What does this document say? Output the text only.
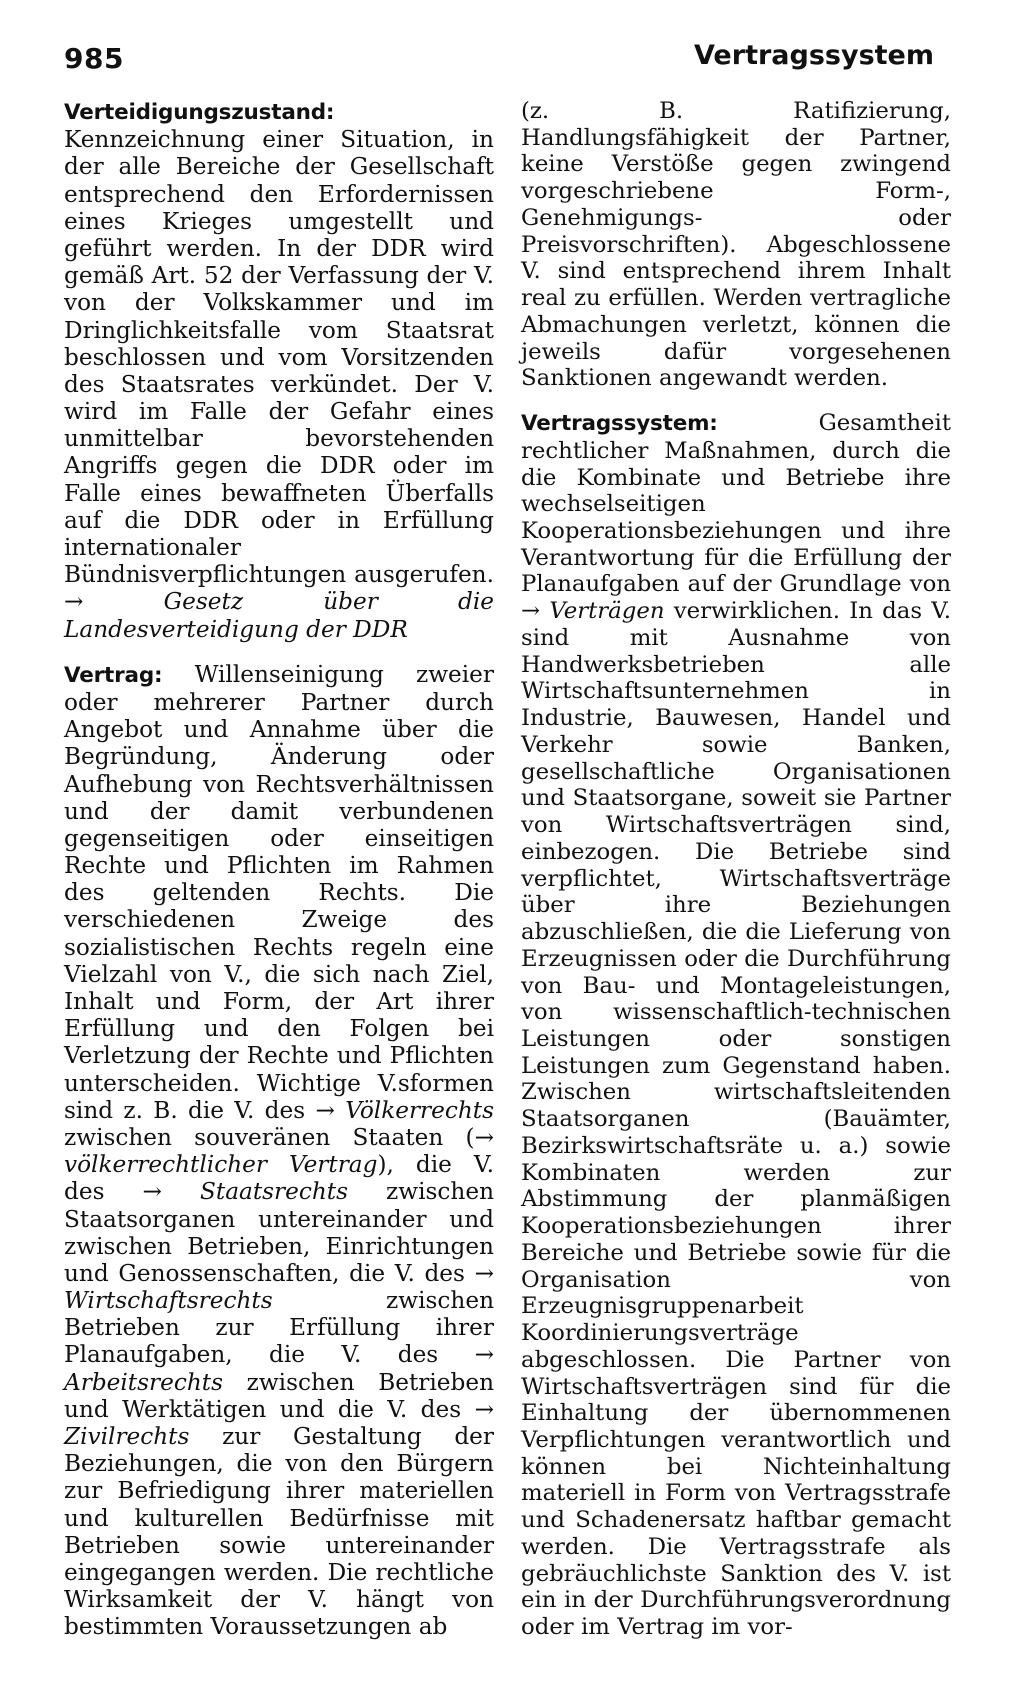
985	Vertragssystem

Verteidigungszustand: Kennzeichnung einer Situation, in der alle Bereiche der Gesellschaft entsprechend den Erfordernissen eines Krieges umgestellt und geführt werden. In der DDR wird gemäß Art. 52 der Verfassung der V. von der Volkskammer und im Dringlichkeitsfalle vom Staatsrat beschlossen und vom Vorsitzenden des Staatsrates verkündet. Der V. wird im Falle der Gefahr eines unmittelbar bevorstehenden Angriffs gegen die DDR oder im Falle eines bewaffneten Überfalls auf die DDR oder in Erfüllung internationaler Bündnisverpflichtungen ausgerufen. → Gesetz über die Landesverteidigung der DDR

Vertrag: Willenseinigung zweier oder mehrerer Partner durch Angebot und Annahme über die Begründung, Änderung oder Aufhebung von Rechtsverhältnissen und der damit verbundenen gegenseitigen oder einseitigen Rechte und Pflichten im Rahmen des geltenden Rechts. Die verschiedenen Zweige des sozialistischen Rechts regeln eine Vielzahl von V., die sich nach Ziel, Inhalt und Form, der Art ihrer Erfüllung und den Folgen bei Verletzung der Rechte und Pflichten unterscheiden. Wichtige V.sformen sind z. B. die V. des → Völkerrechts zwischen souveränen Staaten (→ völkerrechtlicher Vertrag), die V. des → Staatsrechts zwischen Staatsorganen untereinander und zwischen Betrieben, Einrichtungen und Genossenschaften, die V. des → Wirtschaftsrechts zwischen Betrieben zur Erfüllung ihrer Planaufgaben, die V. des → Arbeitsrechts zwischen Betrieben und Werktätigen und die V. des → Zivilrechts zur Gestaltung der Beziehungen, die von den Bürgern zur Befriedigung ihrer materiellen und kulturellen Bedürfnisse mit Betrieben sowie untereinander eingegangen werden. Die rechtliche Wirksamkeit der V. hängt von bestimmten Voraussetzungen ab

(z. B. Ratifizierung, Handlungsfähigkeit der Partner, keine Verstöße gegen zwingend vorgeschriebene Form-, Genehmigungs- oder Preisvorschriften). Abgeschlossene V. sind entsprechend ihrem Inhalt real zu erfüllen. Werden vertragliche Abmachungen verletzt, können die jeweils dafür vorgesehenen Sanktionen angewandt werden.

Vertragssystem: Gesamtheit rechtlicher Maßnahmen, durch die die Kombinate und Betriebe ihre wechselseitigen Kooperationsbeziehungen und ihre Verantwortung für die Erfüllung der Planaufgaben auf der Grundlage von → Verträgen verwirklichen. In das V. sind mit Ausnahme von Handwerksbetrieben alle Wirtschaftsunternehmen in Industrie, Bauwesen, Handel und Verkehr sowie Banken, gesellschaftliche Organisationen und Staatsorgane, soweit sie Partner von Wirtschaftsverträgen sind, einbezogen. Die Betriebe sind verpflichtet, Wirtschaftsverträge über ihre Beziehungen abzuschließen, die die Lieferung von Erzeugnissen oder die Durchführung von Bau- und Montageleistungen, von wissenschaftlich-technischen Leistungen oder sonstigen Leistungen zum Gegenstand haben. Zwischen wirtschaftsleitenden Staatsorganen (Bauämter, Bezirkswirtschaftsräte u. a.) sowie Kombinaten werden zur Abstimmung der planmäßigen Kooperationsbeziehungen ihrer Bereiche und Betriebe sowie für die Organisation von Erzeugnisgruppenarbeit Koordinierungsverträge abgeschlossen. Die Partner von Wirtschaftsverträgen sind für die Einhaltung der übernommenen Verpflichtungen verantwortlich und können bei Nichteinhaltung materiell in Form von Vertragsstrafe und Schadenersatz haftbar gemacht werden. Die Vertragsstrafe als gebräuchlichste Sanktion des V. ist ein in der Durchführungsverordnung oder im Vertrag im vor-
